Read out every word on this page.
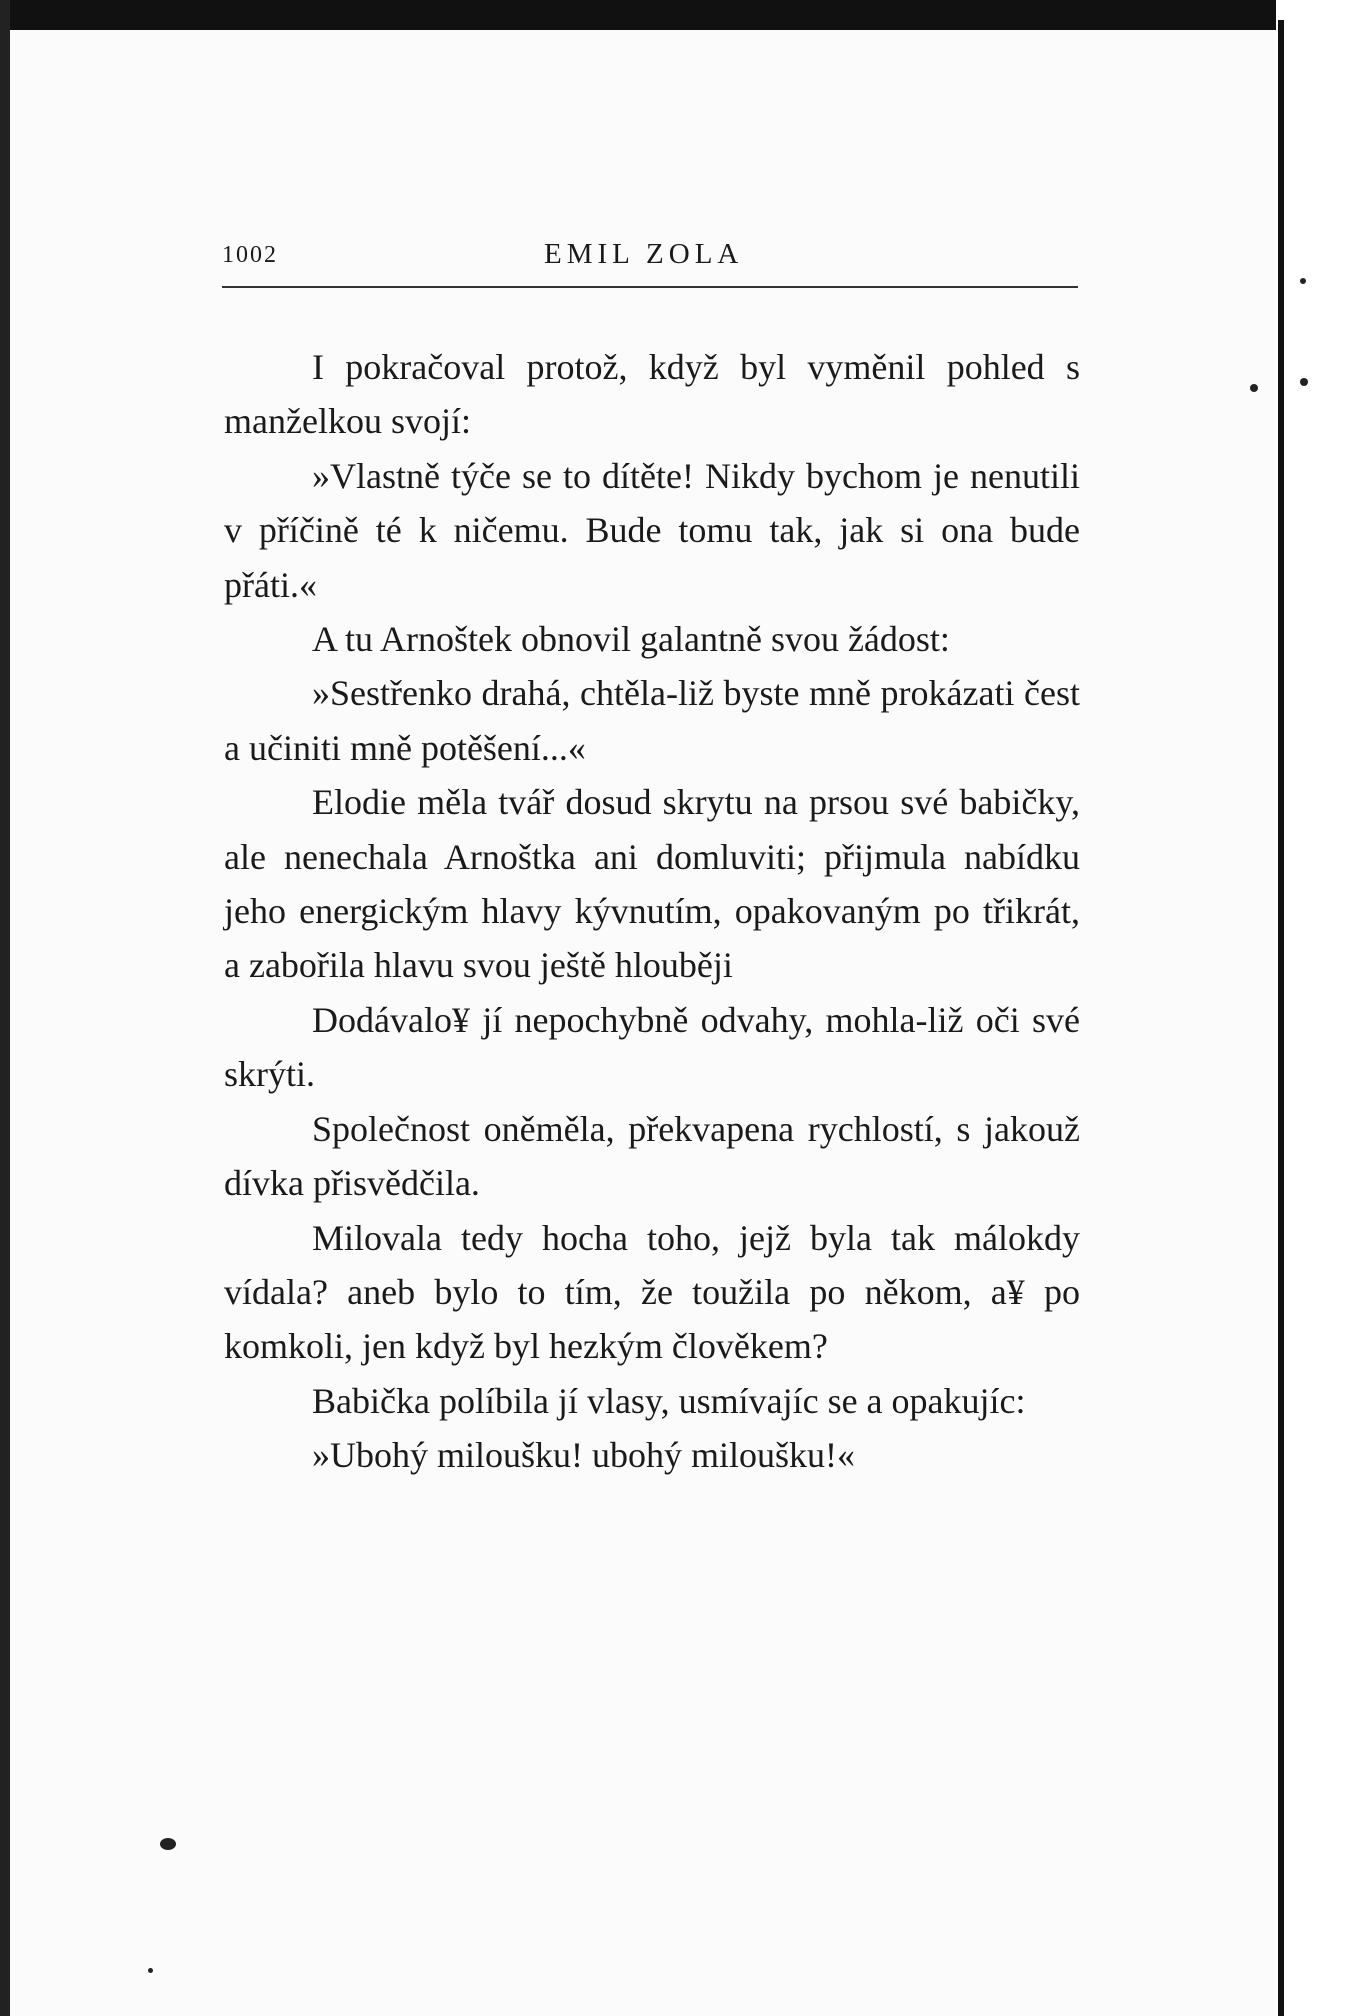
1002	EMIL ZOLA

I pokračoval protož, když byl vyměnil pohled s manželkou svojí:

»Vlastně týče se to dítěte! Nikdy bychom je nenutili v příčině té k ničemu. Bude tomu tak, jak si ona bude přáti.«

A tu Arnoštek obnovil galantně svou žádost:

»Sestřenko drahá, chtěla-liž byste mně prokázati čest a učiniti mně potěšení...«

Elodie měla tvář dosud skrytu na prsou své babičky, ale nenechala Arnoštka ani domluviti; přijmula nabídku jeho energickým hlavy kývnutím, opakovaným po třikrát, a zabořila hlavu svou ještě hlouběji

Dodávalo¥ jí nepochybně odvahy, mohla-liž oči své skrýti.

Společnost oněměla, překvapena rychlostí, s jakouž dívka přisvědčila.

Milovala tedy hocha toho, jejž byla tak málokdy vídala? aneb bylo to tím, že toužila po někom, a¥ po komkoli, jen když byl hezkým člověkem?

Babička políbila jí vlasy, usmívajíc se a opakujíc:

»Ubohý miloušku! ubohý miloušku!«
